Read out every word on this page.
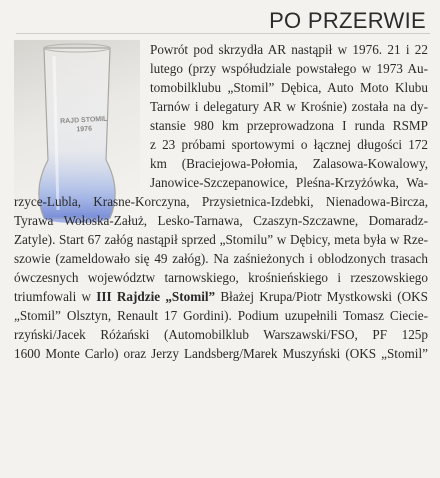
PO PRZERWIE
RAJD STOMIL
1976
Powrót pod skrzydła AR nastąpił w 1976. 21 i 22
lutego (przy współudziale powstałego w 1973 Au-
tomobilklubu „Stomil” Dębica, Auto Moto Klubu
Tarnów i delegatury AR w Krośnie) została na dy-
stansie 980 km przeprowadzona I runda RSMP
z 23 próbami sportowymi o łącznej długości 172
km (Braciejowa-Połomia, Zalasowa-Kowalowy,
Janowice-Szczepanowice, Pleśna-Krzyżówka, Wa-
rzyce-Lubla, Krasne-Korczyna, Przysietnica-Izdebki, Nienadowa-Bircza,
Tyrawa Wołoska-Załuż, Lesko-Tarnawa, Czaszyn-Szczawne, Domaradz-
Zatyle). Start 67 załóg nastąpił sprzed „Stomilu” w Dębicy, meta była w Rze-
szowie (zameldowało się 49 załóg). Na zaśnieżonych i oblodzonych trasach
ówczesnych województw tarnowskiego, krośnieńskiego i rzeszowskiego
triumfowali w III Rajdzie „Stomil” Błażej Krupa/Piotr Mystkowski (OKS
„Stomil” Olsztyn, Renault 17 Gordini). Podium uzupełnili Tomasz Ciecie-
rzyński/Jacek Różański (Automobilklub Warszawski/FSO, PF 125p
1600 Monte Carlo) oraz Jerzy Landsberg/Marek Muszyński (OKS „Stomil”
